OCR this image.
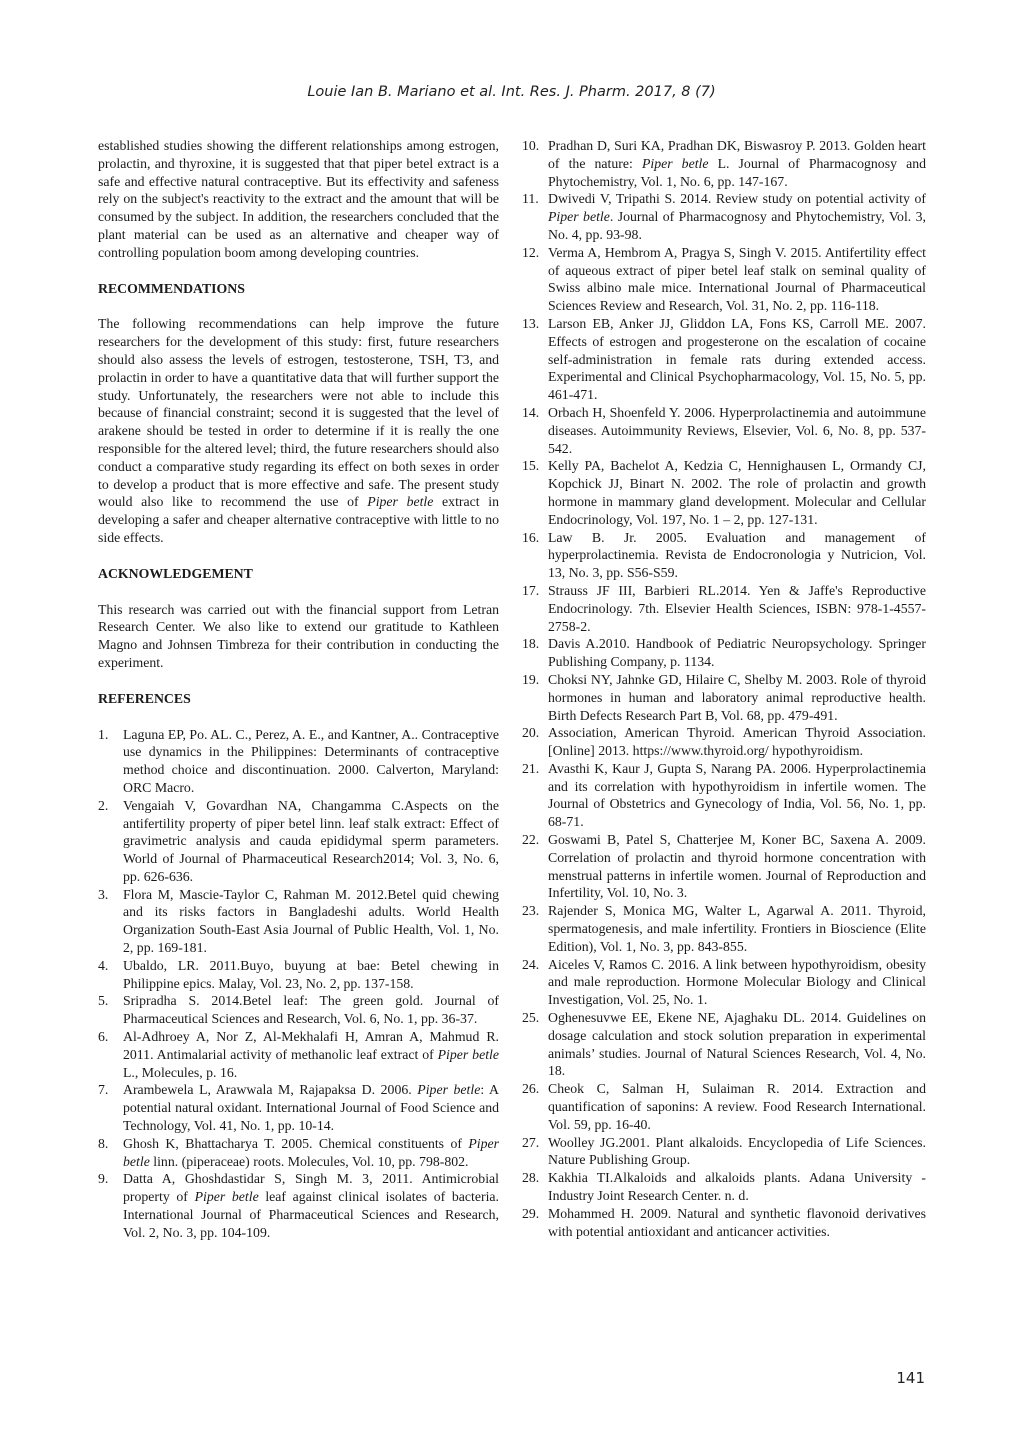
Louie Ian B. Mariano et al. Int. Res. J. Pharm. 2017, 8 (7)

established studies showing the different relationships among estrogen, prolactin, and thyroxine, it is suggested that that piper betel extract is a safe and effective natural contraceptive. But its effectivity and safeness rely on the subject's reactivity to the extract and the amount that will be consumed by the subject. In addition, the researchers concluded that the plant material can be used as an alternative and cheaper way of controlling population boom among developing countries.

RECOMMENDATIONS

The following recommendations can help improve the future researchers for the development of this study: first, future researchers should also assess the levels of estrogen, testosterone, TSH, T3, and prolactin in order to have a quantitative data that will further support the study. Unfortunately, the researchers were not able to include this because of financial constraint; second it is suggested that the level of arakene should be tested in order to determine if it is really the one responsible for the altered level; third, the future researchers should also conduct a comparative study regarding its effect on both sexes in order to develop a product that is more effective and safe. The present study would also like to recommend the use of Piper betle extract in developing a safer and cheaper alternative contraceptive with little to no side effects.

ACKNOWLEDGEMENT

This research was carried out with the financial support from Letran Research Center. We also like to extend our gratitude to Kathleen Magno and Johnsen Timbreza for their contribution in conducting the experiment.

REFERENCES
1.	Laguna EP, Po. AL. C., Perez, A. E., and Kantner, A.. Contraceptive use dynamics in the Philippines: Determinants of contraceptive method choice and discontinuation. 2000. Calverton, Maryland: ORC Macro.
2.	Vengaiah V, Govardhan NA, Changamma C.Aspects on the antifertility property of piper betel linn. leaf stalk extract: Effect of gravimetric analysis and cauda epididymal sperm parameters. World of Journal of Pharmaceutical Research2014; Vol. 3, No. 6, pp. 626-636.
3.	Flora M, Mascie-Taylor C, Rahman M. 2012.Betel quid chewing and its risks factors in Bangladeshi adults. World Health Organization South-East Asia Journal of Public Health, Vol. 1, No. 2, pp. 169-181.
4.	Ubaldo, LR. 2011.Buyo, buyung at bae: Betel chewing in Philippine epics. Malay, Vol. 23, No. 2, pp. 137-158.
5.	Sripradha S. 2014.Betel leaf: The green gold. Journal of Pharmaceutical Sciences and Research, Vol. 6, No. 1, pp. 36-37.
6.	Al-Adhroey A, Nor Z, Al-Mekhalafi H, Amran A, Mahmud R. 2011. Antimalarial activity of methanolic leaf extract of Piper betle L., Molecules, p. 16.
7.	Arambewela L, Arawwala M, Rajapaksa D. 2006. Piper betle: A potential natural oxidant. International Journal of Food Science and Technology, Vol. 41, No. 1, pp. 10-14.
8.	Ghosh K, Bhattacharya T. 2005. Chemical constituents of Piper betle linn. (piperaceae) roots. Molecules, Vol. 10, pp. 798-802.
9.	Datta A, Ghoshdastidar S, Singh M. 3, 2011. Antimicrobial property of Piper betle leaf against clinical isolates of bacteria. International Journal of Pharmaceutical Sciences and Research, Vol. 2, No. 3, pp. 104-109.
10. Pradhan D, Suri KA, Pradhan DK, Biswasroy P. 2013. Golden heart of the nature: Piper betle L. Journal of Pharmacognosy and Phytochemistry, Vol. 1, No. 6, pp. 147-167.
11. Dwivedi V, Tripathi S. 2014. Review study on potential activity of Piper betle. Journal of Pharmacognosy and Phytochemistry, Vol. 3, No. 4, pp. 93-98.
12. Verma A, Hembrom A, Pragya S, Singh V. 2015. Antifertility effect of aqueous extract of piper betel leaf stalk on seminal quality of Swiss albino male mice. International Journal of Pharmaceutical Sciences Review and Research, Vol. 31, No. 2, pp. 116-118.
13. Larson EB, Anker JJ, Gliddon LA, Fons KS, Carroll ME. 2007. Effects of estrogen and progesterone on the escalation of cocaine self-administration in female rats during extended access. Experimental and Clinical Psychopharmacology, Vol. 15, No. 5, pp. 461-471.
14. Orbach H, Shoenfeld Y. 2006. Hyperprolactinemia and autoimmune diseases. Autoimmunity Reviews, Elsevier, Vol. 6, No. 8, pp. 537-542.
15. Kelly PA, Bachelot A, Kedzia C, Hennighausen L, Ormandy CJ, Kopchick JJ, Binart N. 2002. The role of prolactin and growth hormone in mammary gland development. Molecular and Cellular Endocrinology, Vol. 197, No. 1 – 2, pp. 127-131.
16. Law B. Jr. 2005. Evaluation and management of hyperprolactinemia. Revista de Endocronologia y Nutricion, Vol. 13, No. 3, pp. S56-S59.
17. Strauss JF III, Barbieri RL.2014. Yen & Jaffe's Reproductive Endocrinology. 7th. Elsevier Health Sciences, ISBN: 978-1-4557-2758-2.
18. Davis A.2010. Handbook of Pediatric Neuropsychology. Springer Publishing Company, p. 1134.
19. Choksi NY, Jahnke GD, Hilaire C, Shelby M. 2003. Role of thyroid hormones in human and laboratory animal reproductive health. Birth Defects Research Part B, Vol. 68, pp. 479-491.
20. Association, American Thyroid. American Thyroid Association. [Online] 2013. https://www.thyroid.org/ hypothyroidism.
21. Avasthi K, Kaur J, Gupta S, Narang PA. 2006. Hyperprolactinemia and its correlation with hypothyroidism in infertile women. The Journal of Obstetrics and Gynecology of India, Vol. 56, No. 1, pp. 68-71.
22. Goswami B, Patel S, Chatterjee M, Koner BC, Saxena A. 2009. Correlation of prolactin and thyroid hormone concentration with menstrual patterns in infertile women. Journal of Reproduction and Infertility, Vol. 10, No. 3.
23. Rajender S, Monica MG, Walter L, Agarwal A. 2011. Thyroid, spermatogenesis, and male infertility. Frontiers in Bioscience (Elite Edition), Vol. 1, No. 3, pp. 843-855.
24. Aiceles V, Ramos C. 2016. A link between hypothyroidism, obesity and male reproduction. Hormone Molecular Biology and Clinical Investigation, Vol. 25, No. 1.
25. Oghenesuvwe EE, Ekene NE, Ajaghaku DL. 2014. Guidelines on dosage calculation and stock solution preparation in experimental animals’ studies. Journal of Natural Sciences Research, Vol. 4, No. 18.
26. Cheok C, Salman H, Sulaiman R. 2014. Extraction and quantification of saponins: A review. Food Research International. Vol. 59, pp. 16-40.
27. Woolley JG.2001. Plant alkaloids. Encyclopedia of Life Sciences. Nature Publishing Group.
28. Kakhia TI.Alkaloids and alkaloids plants. Adana University - Industry Joint Research Center. n. d.
29. Mohammed H. 2009. Natural and synthetic flavonoid derivatives with potential antioxidant and anticancer activities.
141
